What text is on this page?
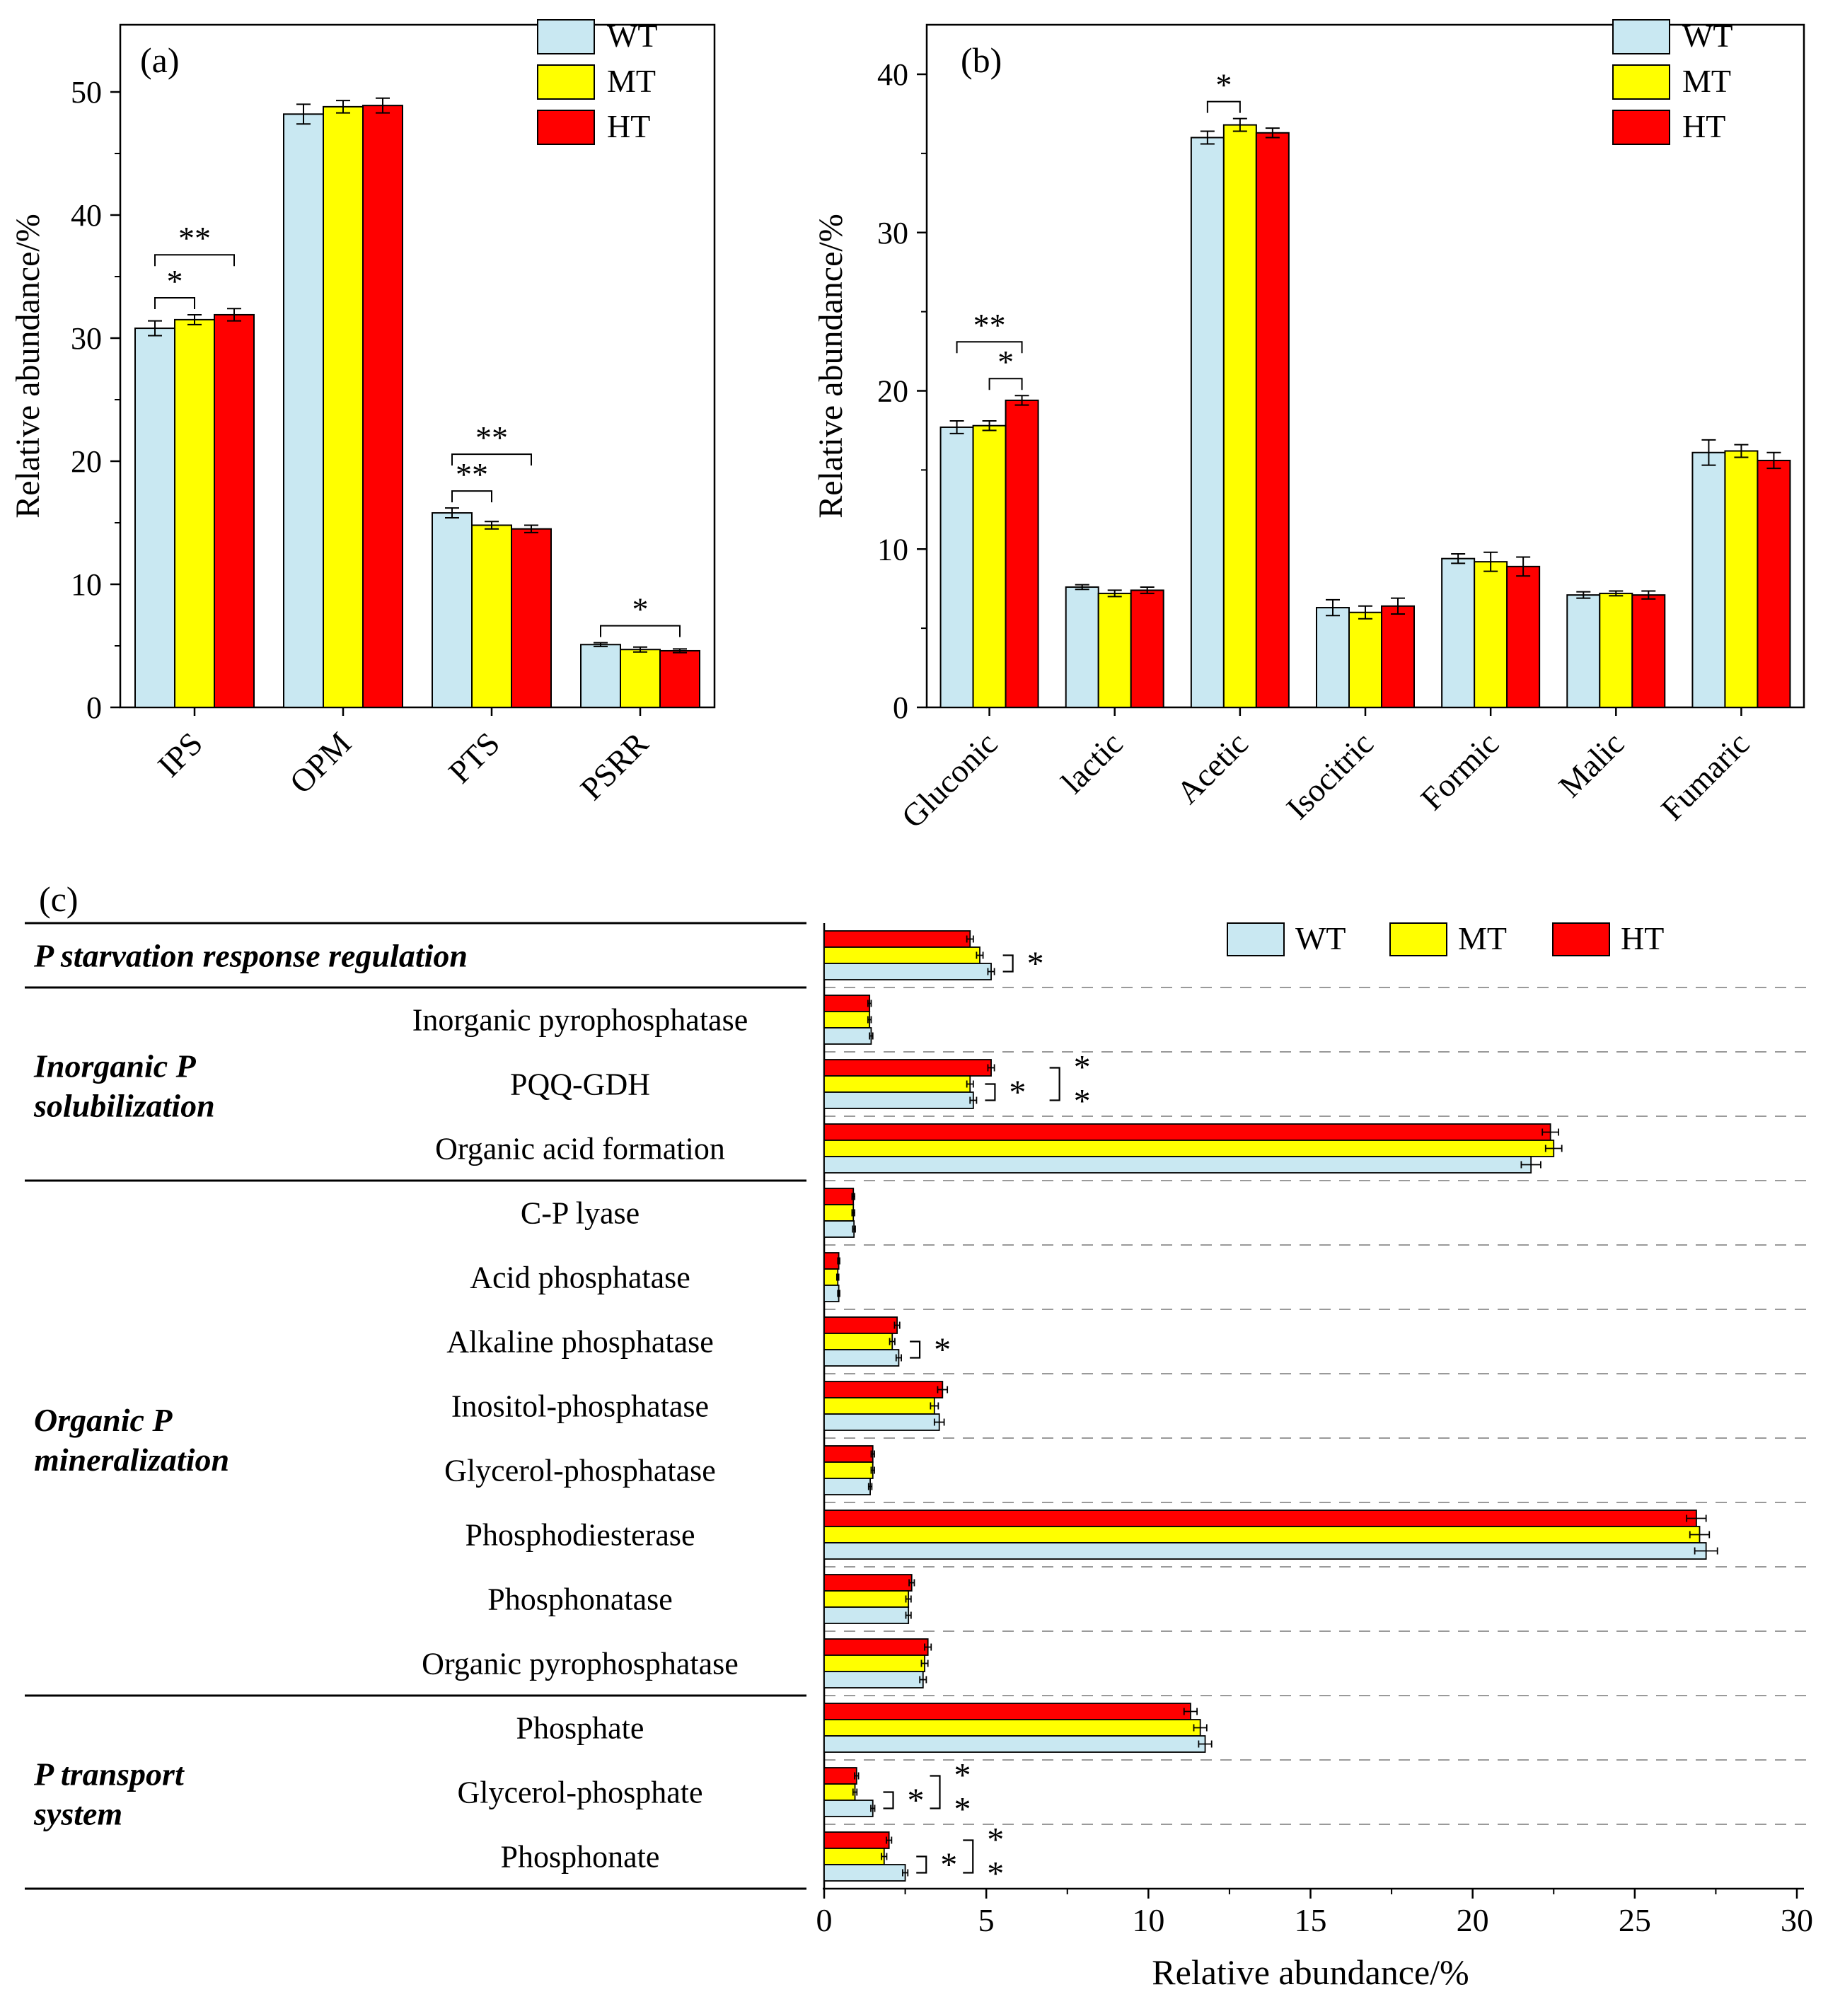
0
10
20
30
40
50
Relative abundance/%
IPS OPM	PTS PSRR
*
**
**
**
*
WT
MT
HT
(a)
0
10
20
30
40
Relative abundance/%
Gluconic lactic Acetic Isocitric Formic Malic Fumaric
*
**
*
WT
MT
HT
(b)
(c)
P starvation response regulation
Inorganic P
solubilization
Organic P
mineralization
P transport
system
Inorganic pyrophosphatase
PQQ-GDH
Organic acid formation
C-P lyase
Acid phosphatase
Alkaline phosphatase
Inositol-phosphatase
Glycerol-phosphatase
Phosphodiesterase
Phosphonatase
Organic pyrophosphatase
Phosphate
Glycerol-phosphate
Phosphonate
0	5	10	15	20	25	30
Relative abundance/%
*
*
*
*
*
*
*
*
*
*
*
WT	MT	HT
